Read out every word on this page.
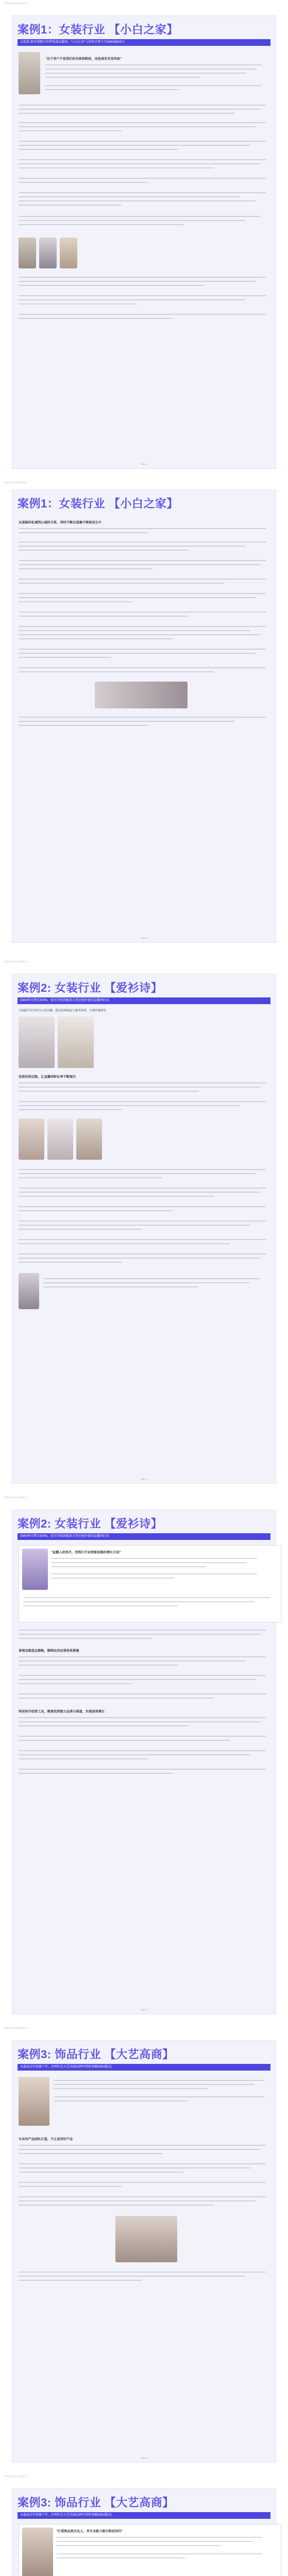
微信扫码获取完整版报告
案例1：女装行业 【小白之家】
女装类·职业搭配内容型电商直播间，"小白之家"入驻快手两个月GMV超600万
"这个用户不是我们的买家和粉丝，而是真实有用的家"
Page 1
微信扫码获取完整版报告
案例1：女装行业 【小白之家】
从基础的私域到公域的关系，同时不断在流量中探索成长中
Page 2
微信扫码获取完整版报告
案例2: 女装行业 【爱衫诗】
GMV两月增长500%，爱衫诗找到能放大供应链价值的直播间打法
全面提升以内容为主的直播，稳定私域商品与服务价值，实现快速增长
优质的供应链，让直播间转化率不断提升
Page 3
微信扫码获取完整版报告
案例2: 女装行业 【爱衫诗】
GMV两月增长500%，爱衫诗找到能放大供应链价值的直播间打法
"直播入驻快手，找到打开运营新思路的增长方法"
谈理念做选品策略，精细化的运营体系搭建
利用快手经营工具，精准找到潜力品类与渠道，实现高效增长
Page 4
微信扫码获取完整版报告
案例3: 饰品行业 【大艺高商】
从最底层开始做十年，后两年在大艺高商品牌年营收突破GMV超2亿
专业的产品团队打造，不止是讲好产品
Page 5
微信扫码获取完整版报告
案例3: 饰品行业 【大艺高商】
从最底层开始做十年，后两年在大艺高商品牌年营收突破GMV超2亿
"打造饰品类目达人，用专业能力吸引粉丝信任"
